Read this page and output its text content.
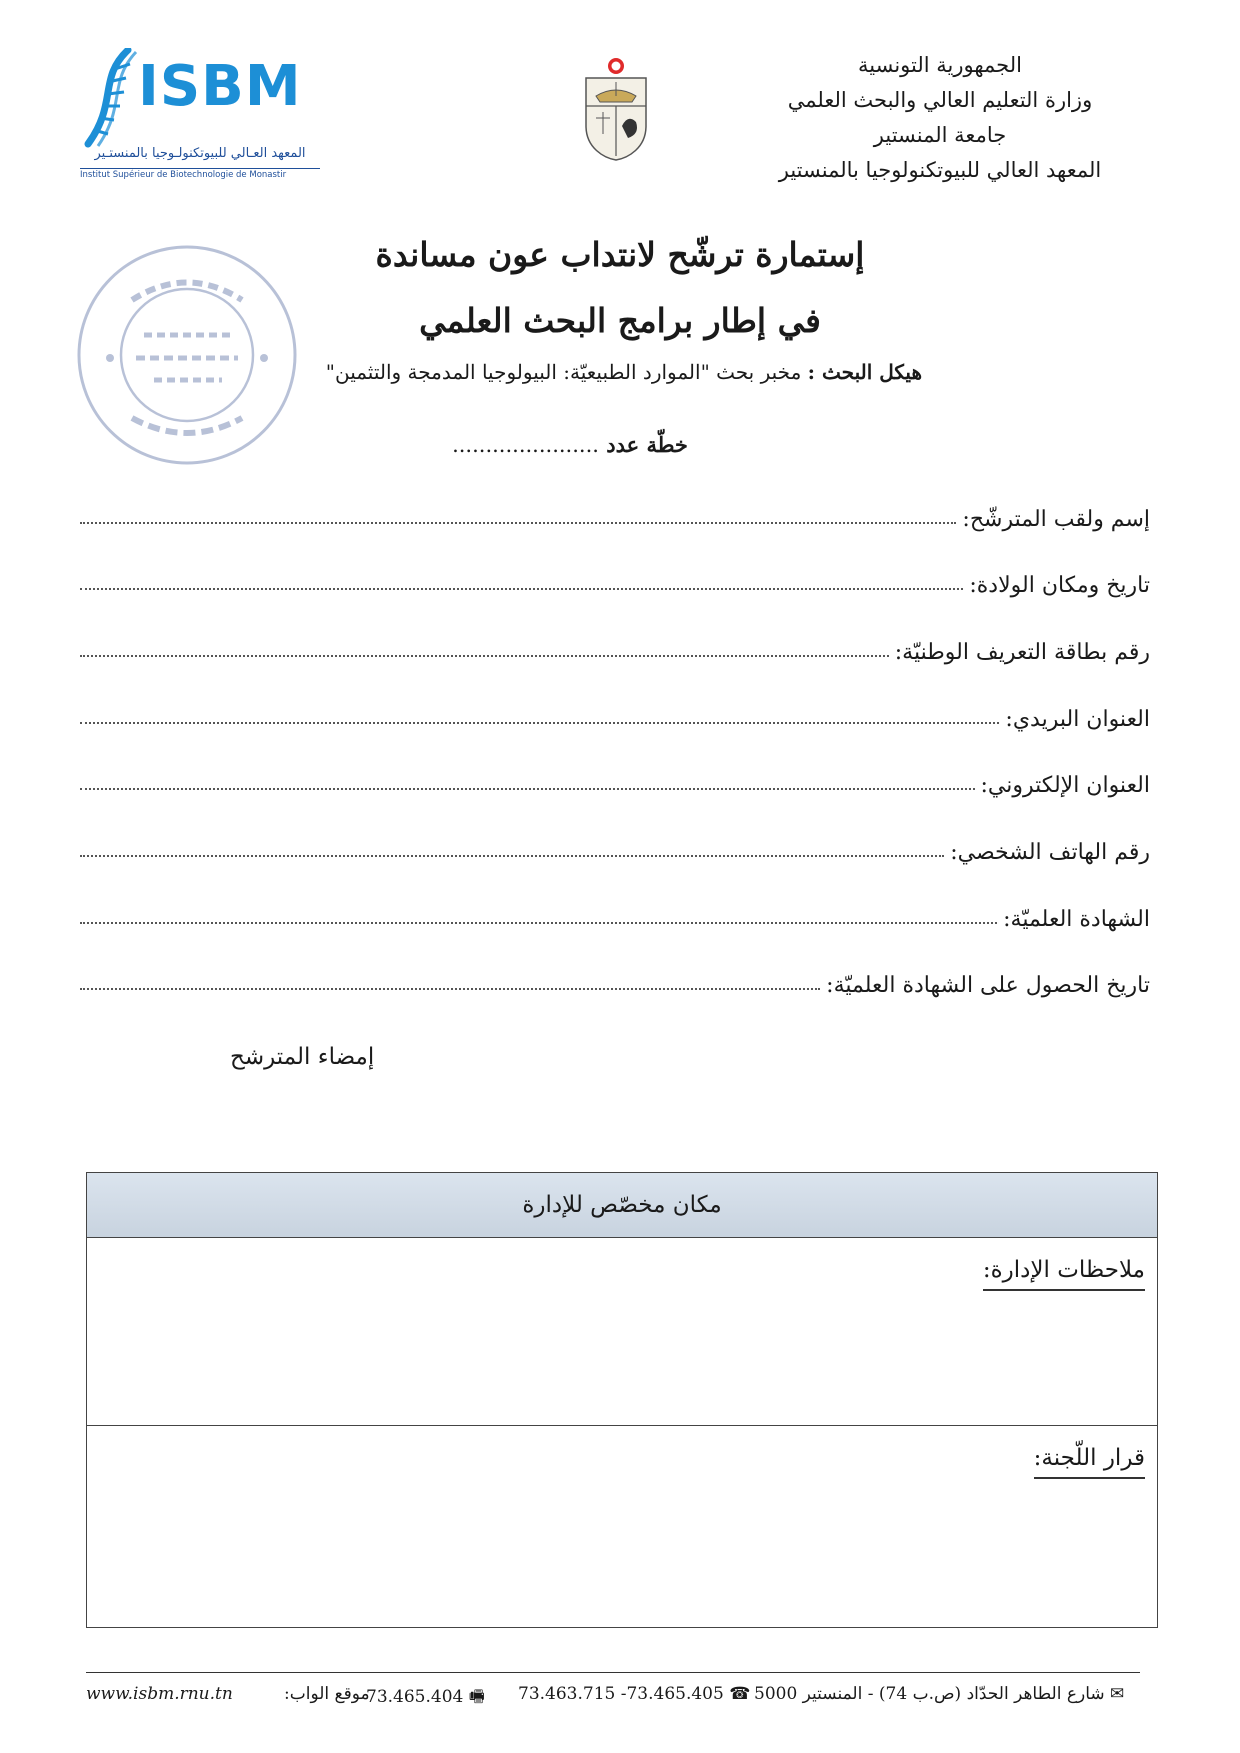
الجمهورية التونسية
وزارة التعليم العالي والبحث العلمي
جامعة المنستير
المعهد العالي للبيوتكنولوجيا بالمنستير
ISBM
المعهد العـالي للبيوتكنولـوجيا بالمنستـير
Institut Supérieur de Biotechnologie de Monastir
إستمارة ترشّح لانتداب عون مساندة
في إطار برامج البحث العلمي
هيكل البحث : مخبر بحث "الموارد الطبيعيّة: البيولوجيا المدمجة والتثمين"
خطّة عدد ......................
إسم ولقب المترشّح:
تاريخ ومكان الولادة:
رقم بطاقة التعريف الوطنيّة:
العنوان البريدي:
العنوان الإلكتروني:
رقم الهاتف الشخصي:
الشهادة العلميّة:
تاريخ الحصول على الشهادة العلميّة:
إمضاء المترشح
مكان مخصّص للإدارة
ملاحظات الإدارة:
قرار اللّجنة:
www.isbm.rnu.tn	موقع الواب:
73.465.404 🖷 73.463.715 -73.465.405 ☎	✉ شارع الطاهر الحدّاد (ص.ب 74) - المنستير 5000
